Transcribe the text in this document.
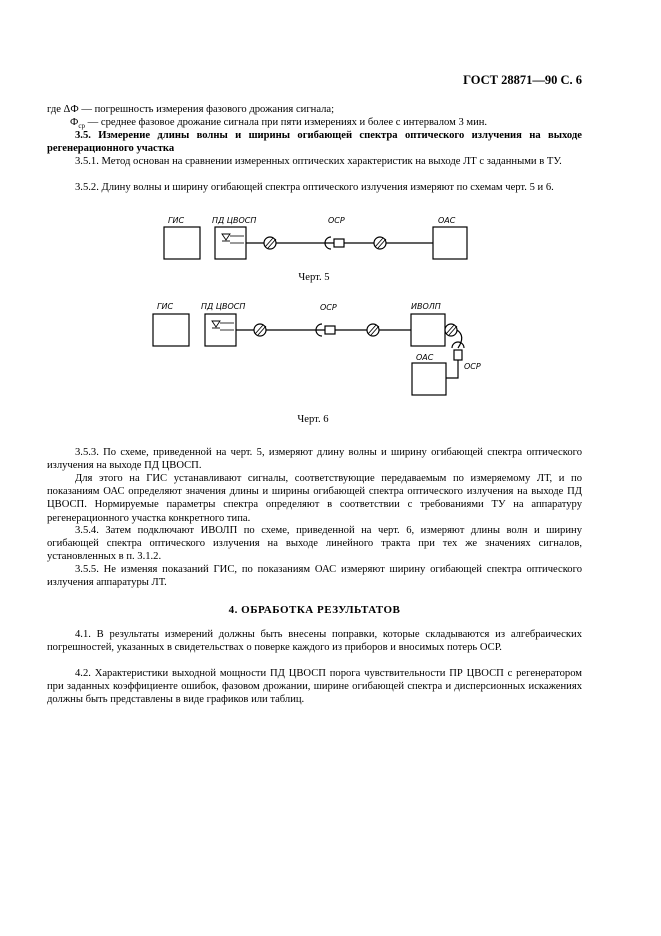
ГОСТ 28871—90 С. 6
где ΔФ — погрешность измерения фазового дрожания сигнала;
$Ф_{ср}$ — среднее фазовое дрожание сигнала при пяти измерениях и более с интервалом 3 мин.
3.5. Измерение длины волны и ширины огибающей спектра оптического излучения на выходе регенерационного участка
3.5.1. Метод основан на сравнении измеренных оптических характеристик на выходе ЛТ с заданными в ТУ.
3.5.2. Длину волны и ширину огибающей спектра оптического излучения измеряют по схемам черт. 5 и 6.
ГИС	ПД ЦВОСП	ОСР	ОАС
Черт. 5
ГИС	ПД ЦВОСП	ОСР	ИВОЛП
ОАС
ОСР
Черт. 6
3.5.3. По схеме, приведенной на черт. 5, измеряют длину волны и ширину огибающей спектра оптического излучения на выходе ПД ЦВОСП.
Для этого на ГИС устанавливают сигналы, соответствующие передаваемым по измеряемому ЛТ, и по показаниям ОАС определяют значения длины и ширины огибающей спектра оптического излучения на выходе ПД ЦВОСП. Нормируемые параметры спектра определяют в соответствии с требованиями ТУ на аппаратуру регенерационного участка конкретного типа.
3.5.4. Затем подключают ИВОЛП по схеме, приведенной на черт. 6, измеряют длины волн и ширину огибающей спектра оптического излучения на выходе линейного тракта при тех же значениях сигналов, установленных в п. 3.1.2.
3.5.5. Не изменяя показаний ГИС, по показаниям ОАС измеряют ширину огибающей спектра оптического излучения аппаратуры ЛТ.
4. ОБРАБОТКА РЕЗУЛЬТАТОВ
4.1. В результаты измерений должны быть внесены поправки, которые складываются из алгебраических погрешностей, указанных в свидетельствах о поверке каждого из приборов и вносимых потерь ОСР.
4.2. Характеристики выходной мощности ПД ЦВОСП порога чувствительности ПР ЦВОСП с регенератором при заданных коэффициенте ошибок, фазовом дрожании, ширине огибающей спектра и дисперсионных искажениях должны быть представлены в виде графиков или таблиц.
